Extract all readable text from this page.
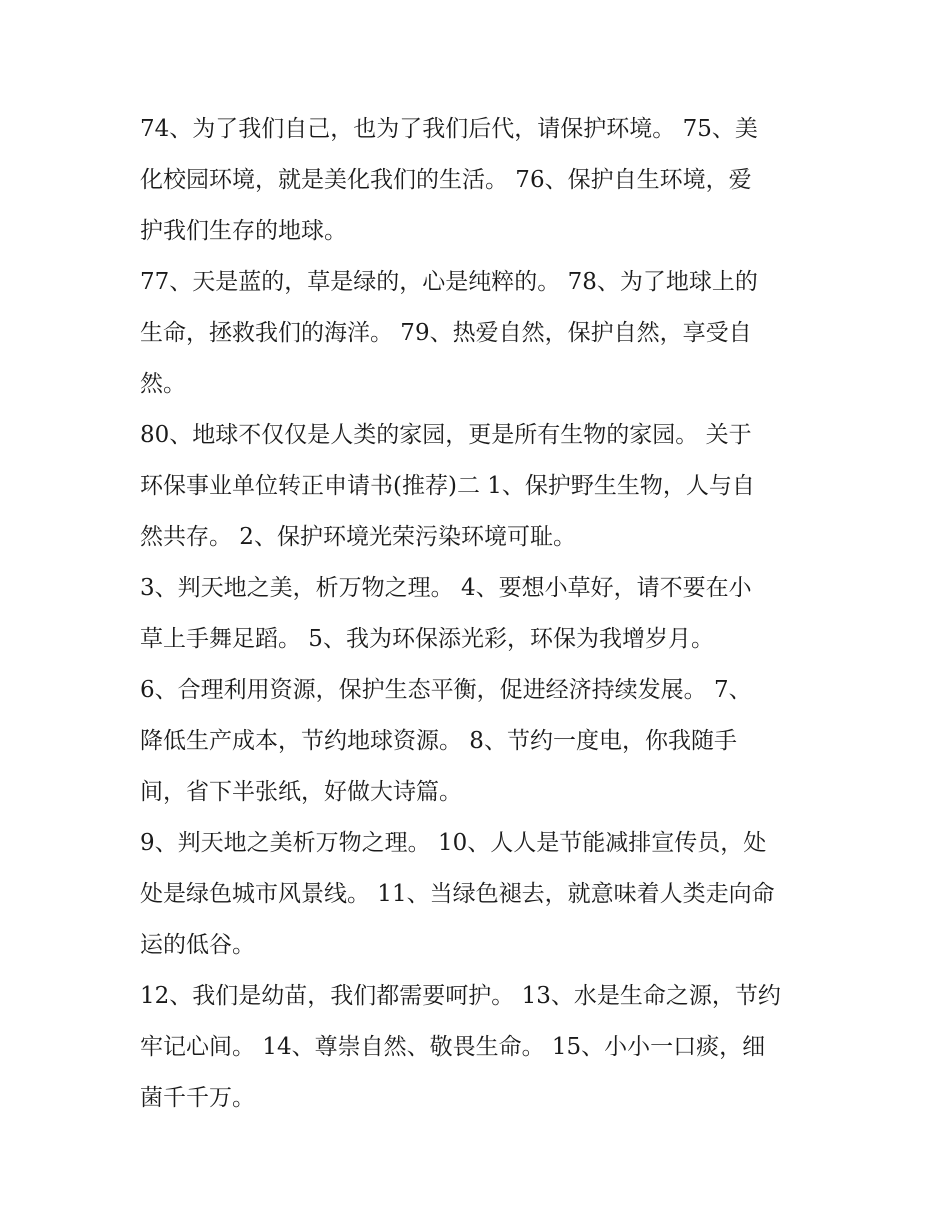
74、为了我们自己，也为了我们后代，请保护环境。 75、美
化校园环境，就是美化我们的生活。 76、保护自生环境，爱
护我们生存的地球。

77、天是蓝的，草是绿的，心是纯粹的。 78、为了地球上的
生命，拯救我们的海洋。 79、热爱自然，保护自然，享受自
然。

80、地球不仅仅是人类的家园，更是所有生物的家园。 关于
环保事业单位转正申请书(推荐)二 1、保护野生生物，人与自
然共存。 2、保护环境光荣污染环境可耻。

3、判天地之美，析万物之理。 4、要想小草好，请不要在小
草上手舞足蹈。 5、我为环保添光彩，环保为我增岁月。

6、合理利用资源，保护生态平衡，促进经济持续发展。 7、
降低生产成本，节约地球资源。 8、节约一度电，你我随手
间，省下半张纸，好做大诗篇。

9、判天地之美析万物之理。 10、人人是节能减排宣传员，处
处是绿色城市风景线。 11、当绿色褪去，就意味着人类走向命
运的低谷。

12、我们是幼苗，我们都需要呵护。 13、水是生命之源，节约
牢记心间。 14、尊崇自然、敬畏生命。 15、小小一口痰，细
菌千千万。
